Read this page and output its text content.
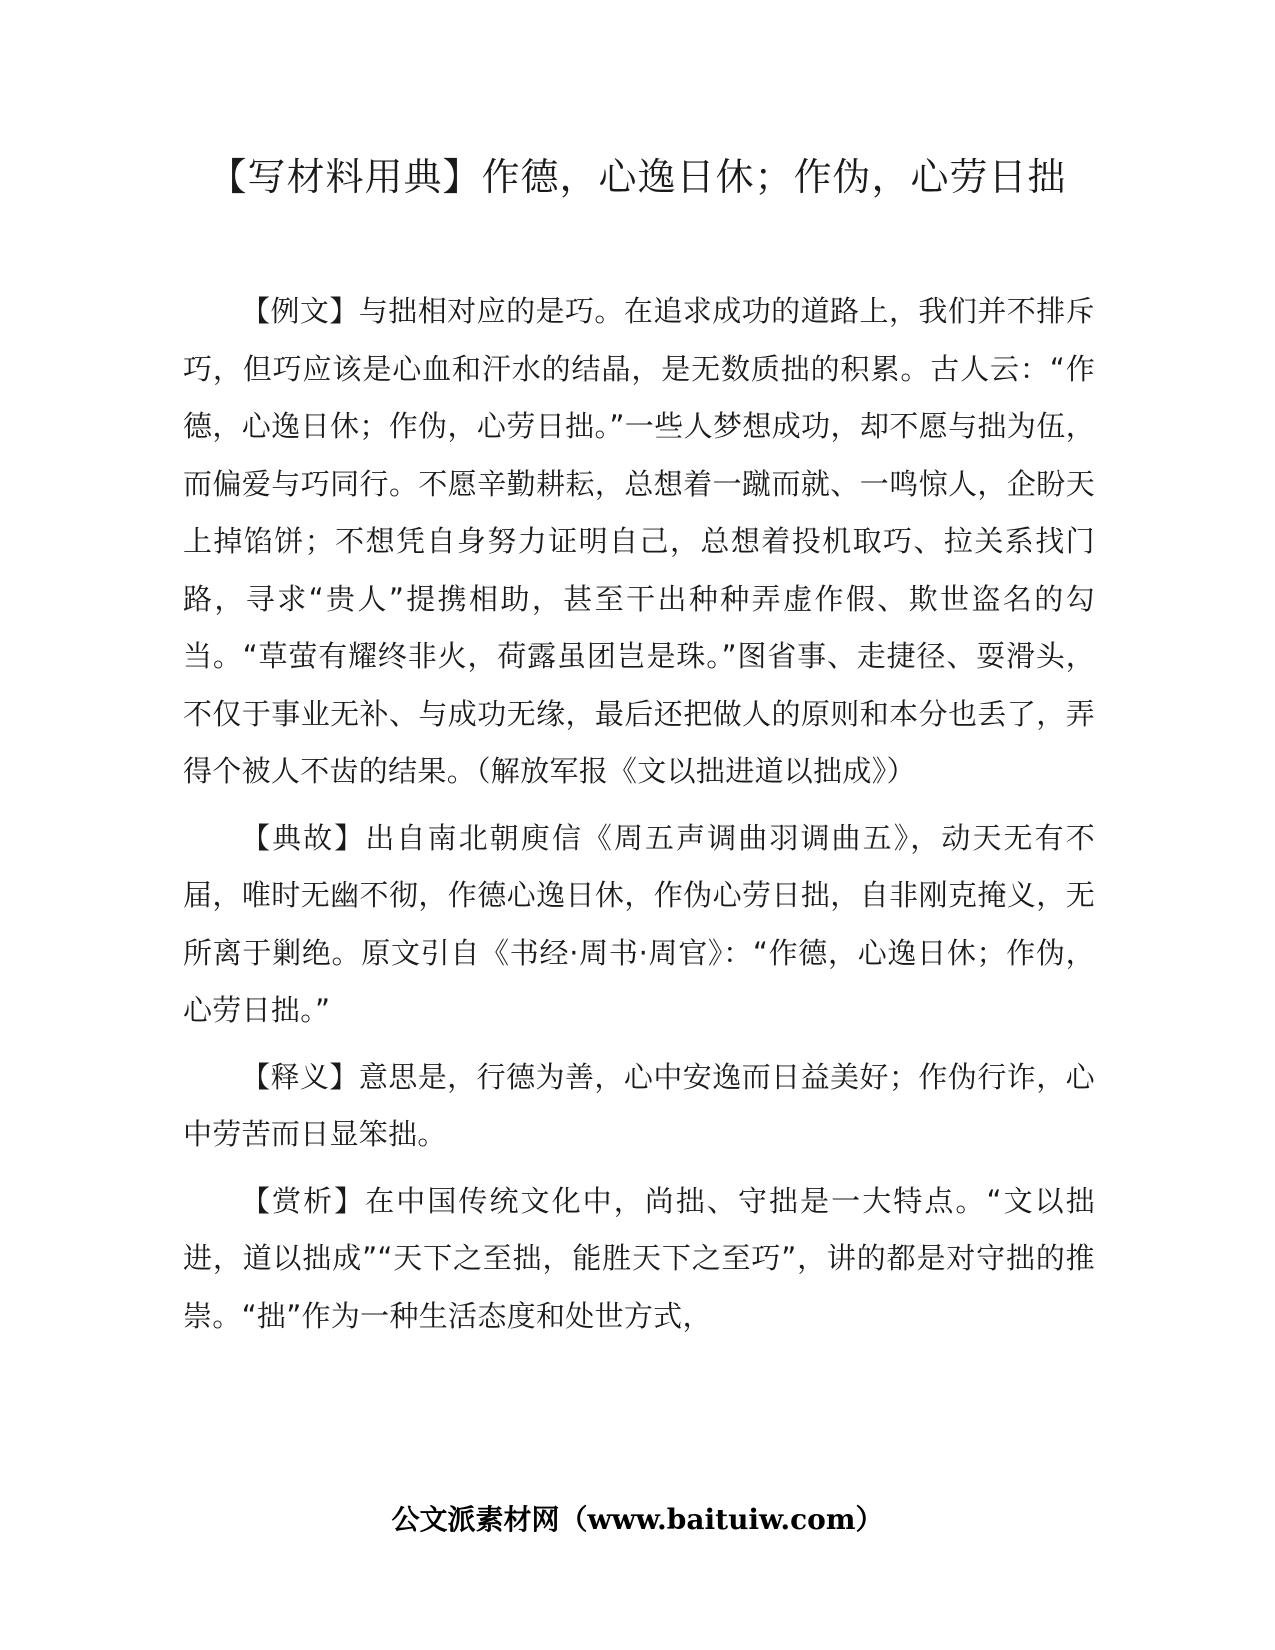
【写材料用典】作德，心逸日休；作伪，心劳日拙

【例文】与拙相对应的是巧。在追求成功的道路上，我们并不排斥巧，但巧应该是心血和汗水的结晶，是无数质拙的积累。古人云：“作德，心逸日休；作伪，心劳日拙。”一些人梦想成功，却不愿与拙为伍，而偏爱与巧同行。不愿辛勤耕耘，总想着一蹴而就、一鸣惊人，企盼天上掉馅饼；不想凭自身努力证明自己，总想着投机取巧、拉关系找门路，寻求“贵人”提携相助，甚至干出种种弄虚作假、欺世盗名的勾当。“草萤有耀终非火，荷露虽团岂是珠。”图省事、走捷径、耍滑头，不仅于事业无补、与成功无缘，最后还把做人的原则和本分也丢了，弄得个被人不齿的结果。（解放军报《文以拙进道以拙成》）

【典故】出自南北朝庾信《周五声调曲羽调曲五》，动天无有不届，唯时无幽不彻，作德心逸日休，作伪心劳日拙，自非刚克掩义，无所离于剿绝。原文引自《书经·周书·周官》：“作德，心逸日休；作伪，心劳日拙。”

【释义】意思是，行德为善，心中安逸而日益美好；作伪行诈，心中劳苦而日显笨拙。

【赏析】在中国传统文化中，尚拙、守拙是一大特点。“文以拙进，道以拙成”“天下之至拙，能胜天下之至巧”，讲的都是对守拙的推崇。“拙”作为一种生活态度和处世方式，

公文派素材网（www.baituiw.com）
